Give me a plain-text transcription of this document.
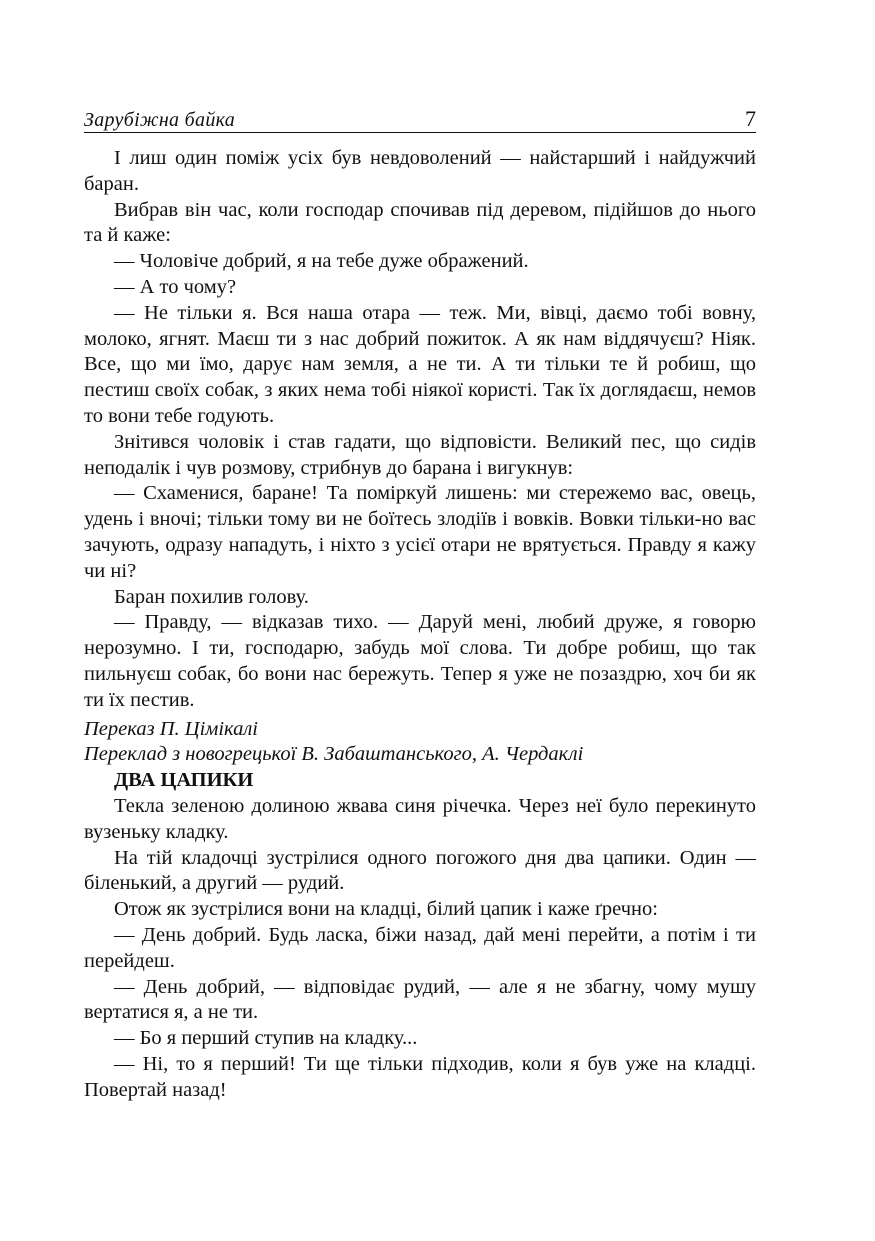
Зарубіжна байка	7

І лиш один поміж усіх був невдоволений — найстарший і найдужчий баран.

Вибрав він час, коли господар спочивав під деревом, підійшов до нього та й каже:

— Чоловіче добрий, я на тебе дуже ображений.

— А то чому?

— Не тільки я. Вся наша отара — теж. Ми, вівці, даємо тобі вовну, молоко, ягнят. Маєш ти з нас добрий пожиток. А як нам віддячуєш? Ніяк. Все, що ми їмо, дарує нам земля, а не ти. А ти тільки те й робиш, що пестиш своїх собак, з яких нема тобі ніякої користі. Так їх доглядаєш, немов то вони тебе годують.

Знітився чоловік і став гадати, що відповісти. Великий пес, що сидів неподалік і чув розмову, стрибнув до барана і вигукнув:

— Схаменися, баране! Та поміркуй лишень: ми стережемо вас, овець, удень і вночі; тільки тому ви не боїтесь злодіїв і вовків. Вовки тільки-но вас зачують, одразу нападуть, і ніхто з усієї отари не врятується. Правду я кажу чи ні?

Баран похилив голову.

— Правду, — відказав тихо. — Даруй мені, любий друже, я говорю нерозумно. І ти, господарю, забудь мої слова. Ти добре робиш, що так пильнуєш собак, бо вони нас бережуть. Тепер я уже не позаздрю, хоч би як ти їх пестив.

Переказ П. Цімікалі

Переклад з новогрецької В. Забаштанського, А. Чердаклі

ДВА ЦАПИКИ

Текла зеленою долиною жвава синя річечка. Через неї було перекинуто вузеньку кладку.

На тій кладочці зустрілися одного погожого дня два цапики. Один — біленький, а другий — рудий.

Отож як зустрілися вони на кладці, білий цапик і каже ґречно:

— День добрий. Будь ласка, біжи назад, дай мені перейти, а потім і ти перейдеш.

— День добрий, — відповідає рудий, — але я не збагну, чому мушу вертатися я, а не ти.

— Бо я перший ступив на кладку...

— Ні, то я перший! Ти ще тільки підходив, коли я був уже на кладці. Повертай назад!
